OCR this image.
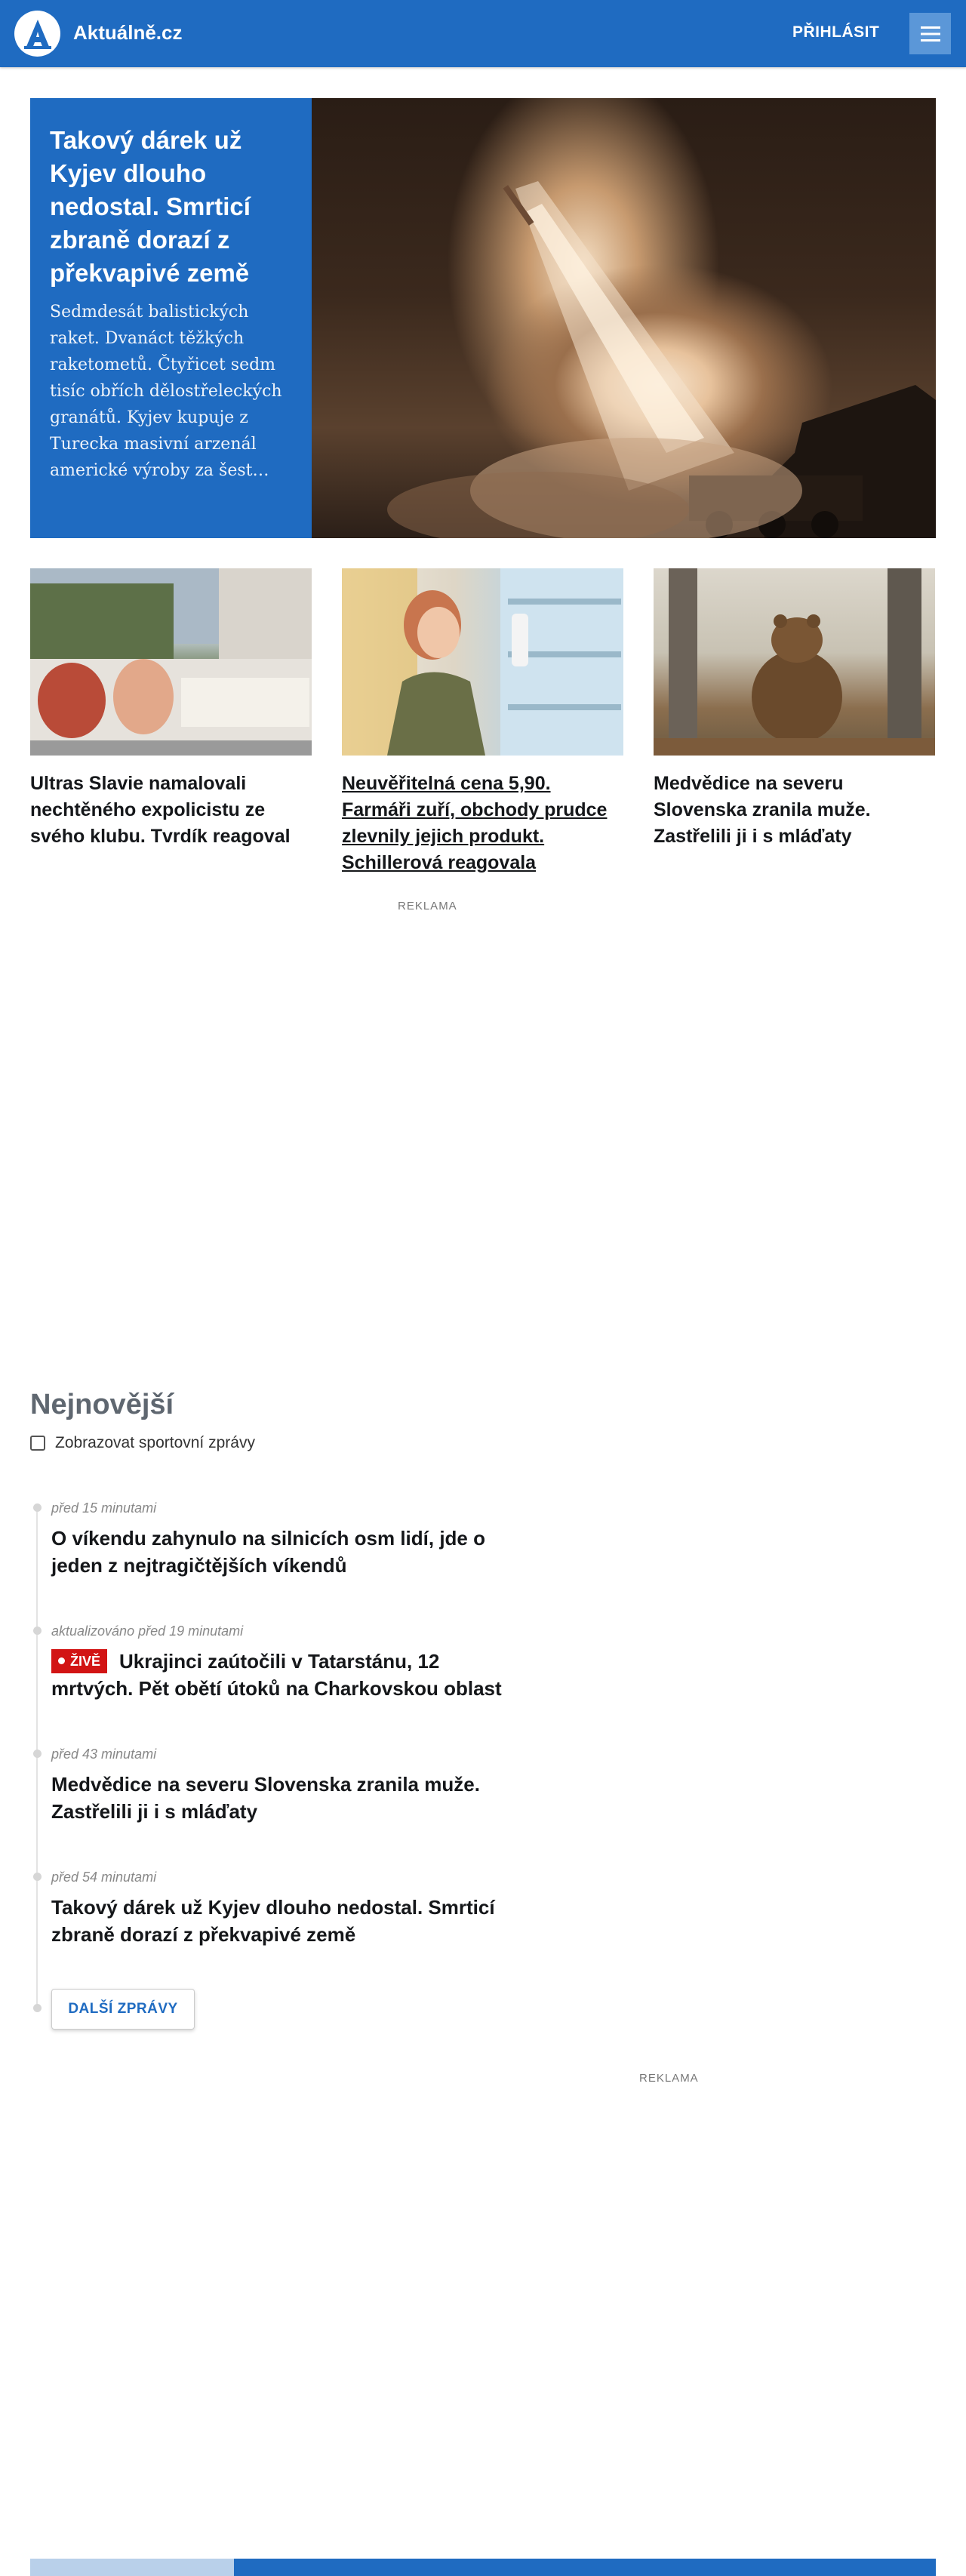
Aktuálně.cz	PŘIHLÁSIT
Takový dárek už Kyjev dlouho nedostal. Smrticí zbraně dorazí z překvapivé země

Sedmdesát balistických raket. Dvanáct těžkých raketometů. Čtyřicet sedm tisíc obřích dělostřeleckých granátů. Kyjev kupuje z Turecka masivní arzenál americké výroby za šest…

Ultras Slavie namalovali nechtěného expolicistu ze svého klubu. Tvrdík reagoval
Neuvěřitelná cena 5,90. Farmáři zuří, obchody prudce zlevnily jejich produkt. Schillerová reagovala
Medvědice na severu Slovenska zranila muže. Zastřelili ji i s mláďaty
REKLAMA
Nejnovější
Zobrazovat sportovní zprávy

před 15 minutami

O víkendu zahynulo na silnicích osm lidí, jde o jeden z nejtragičtějších víkendů

aktualizováno před 19 minutami

ŽIVĚ Ukrajinci zaútočili v Tatarstánu, 12 mrtvých. Pět obětí útoků na Charkovskou oblast

před 43 minutami

Medvědice na severu Slovenska zranila muže. Zastřelili ji i s mláďaty

před 54 minutami

Takový dárek už Kyjev dlouho nedostal. Smrticí zbraně dorazí z překvapivé země

DALŠÍ ZPRÁVY
REKLAMA
